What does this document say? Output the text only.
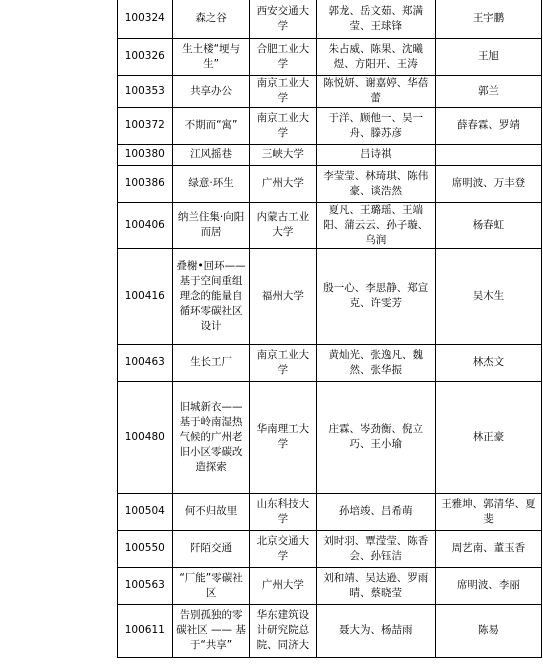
	100324	森之谷	西安交通大学	郭龙、岳文茹、郑满莹、王球锋	王宇鹏

	100326	生土楼“埂与生”	合肥工业大学	朱占威、陈果、沈曦煜、方阳开、王涛	王旭

	100353	共享办公	南京工业大学	陈悦妍、谢嘉婷、华蓓蕾	郭兰

	100372	不期而“寓”	南京工业大学	于洋、顾他一、吴一舟、滕苏彦	薛春霖、罗靖

	100380	江风摇巷	三峡大学	吕诗祺	

	100386	绿意·环生	广州大学	李莹莹、林琦琪、陈伟豪、谈浩然	席明波、万丰登

	100406	纳兰住集·向阳而居	内蒙古工业大学	夏凡、王璐瑶、王端阳、蒲云云、孙子璇、乌润	杨春虹

	100416	叠榭•回环——基于空间重组理念的能量自循环零碳社区设计	福州大学	殷一心、李思静、郑宣克、许雯芳	吴木生

	100463	生长工厂	南京工业大学	黄灿光、张逸凡、魏然、张华振	林杰文

	100480	旧城新衣——基于岭南湿热气候的广州老旧小区零碳改造探索	华南理工大学	庄霖、岑劲衡、倪立巧、王小瑜	林正豪

	100504	何不归故里	山东科技大学	孙培竣、吕希萌	王雅坤、郭清华、夏斐

	100550	阡陌交通	北京交通大学	刘时羽、覃滢莹、陈香会、孙钰洁	周艺南、董玉香

	100563	“厂能”零碳社区	广州大学	刘和靖、吴达逊、罗雨晴、蔡晓莹	席明波、李丽

	100611	告别孤独的零碳社区 —— 基于“共享”	华东建筑设计研究院总院、同济大	聂大为、杨喆雨	陈易
